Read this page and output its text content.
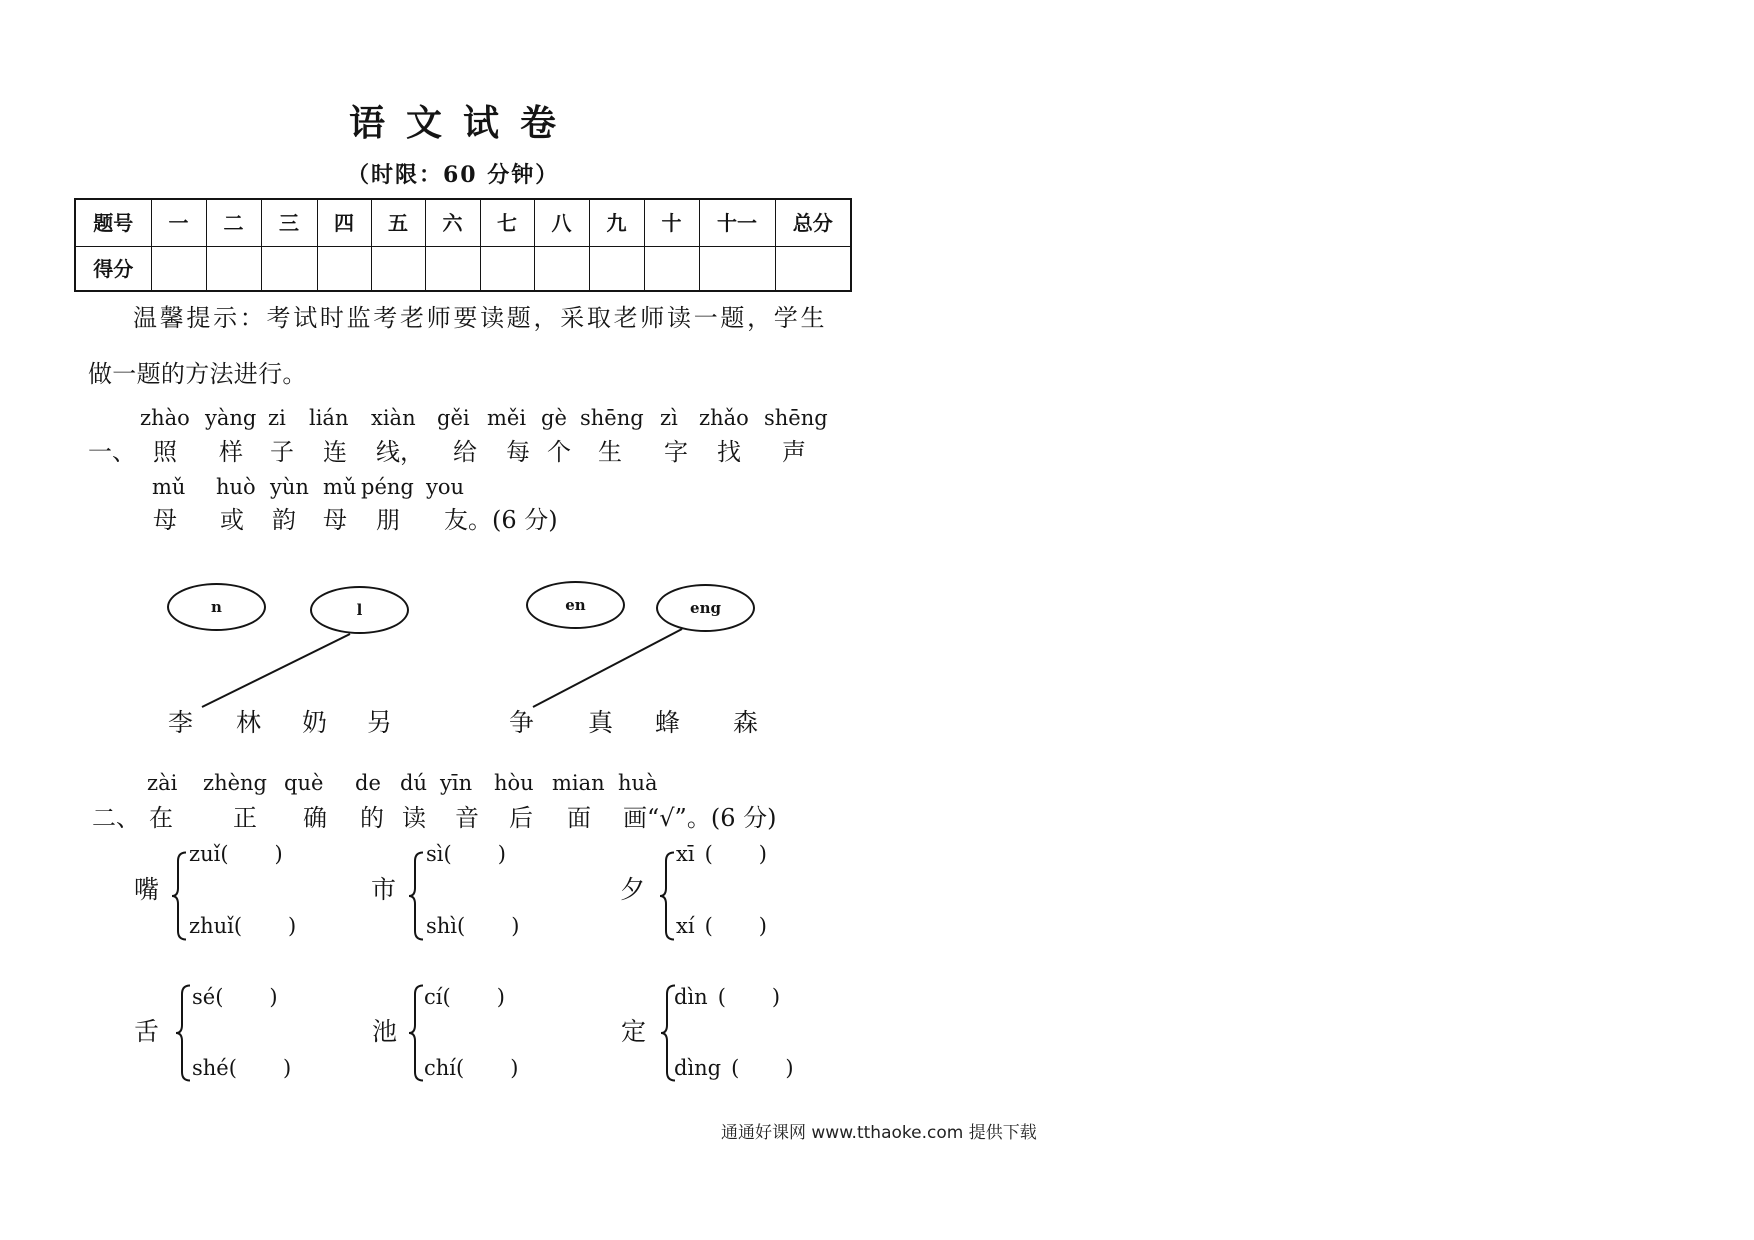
语文试卷
（时限：60 分钟）
题号	一	二	三	四	五	六	七	八	九	十	十一	总分
得分												
温馨提示：考试时监考老师要读题，采取老师读一题，学生
做一题的方法进行。
一、
二、
通通好课网 www.tthaoke.com 提供下载
zhào
照
yàng
样
zi
子
lián
连
xiàn
线，
gěi
给
měi
每
gè
个
shēng
生
zì
字
zhǎo
找
shēng
声
mǔ
母
huò
或
yùn
韵
mǔ
母
péng
朋
you
友。(6 分)
n	l	en	eng
李 林 奶 另	争 真 蜂 森
zài
在
zhèng
正
què
确
de
的
dú
读
yīn
音
hòu
后
mian
面
huà
画“√”。(6 分)
嘴
zuǐ( )
zhuǐ( )
市
sì( )
shì( )
夕
xī ( )
xí ( )
舌
sé( )
shé( )
池
cí( )
chí( )
定
dìn ( )
dìng ( )
